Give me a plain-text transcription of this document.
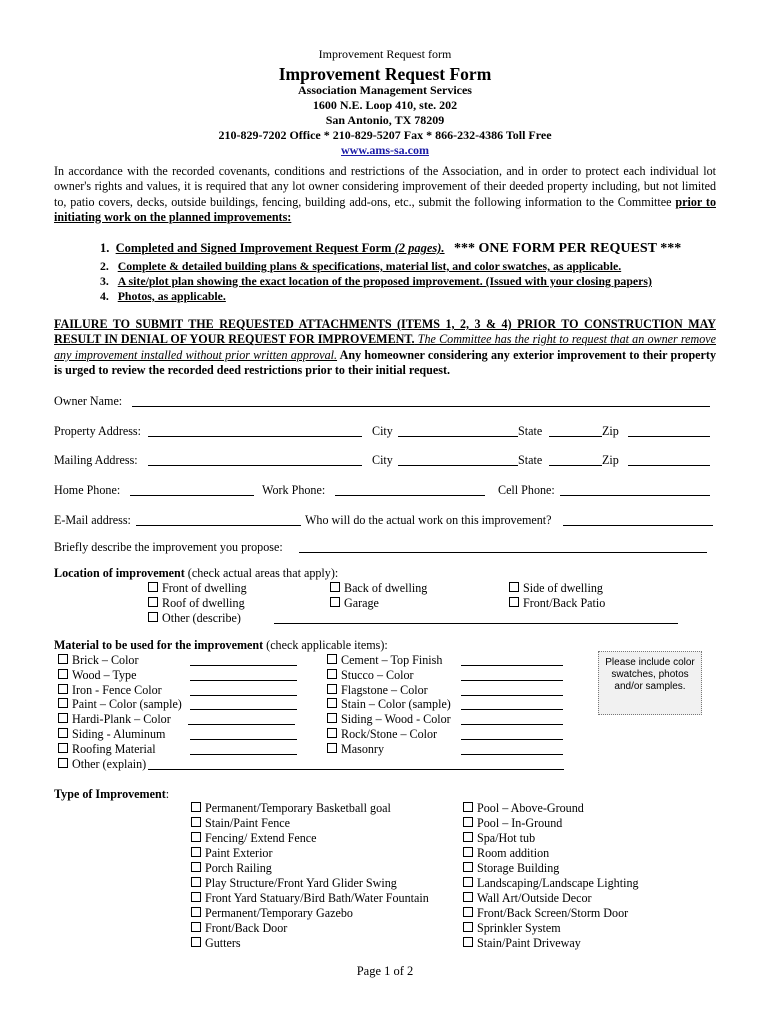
Improvement Request form
Improvement Request Form
Association Management Services
1600 N.E. Loop 410, ste. 202
San Antonio, TX 78209
210-829-7202 Office * 210-829-5207 Fax * 866-232-4386 Toll Free
www.ams-sa.com
In accordance with the recorded covenants, conditions and restrictions of the Association, and in order to protect each individual lot owner's rights and values, it is required that any lot owner considering improvement of their deeded property including, but not limited to, patio covers, decks, outside buildings, fencing, building add-ons, etc., submit the following information to the Committee prior to initiating work on the planned improvements:
1. Completed and Signed Improvement Request Form (2 pages). *** ONE FORM PER REQUEST ***
2. Complete & detailed building plans & specifications, material list, and color swatches, as applicable.
3. A site/plot plan showing the exact location of the proposed improvement. (Issued with your closing papers)
4. Photos, as applicable.
FAILURE TO SUBMIT THE REQUESTED ATTACHMENTS (ITEMS 1, 2, 3 & 4) PRIOR TO CONSTRUCTION MAY RESULT IN DENIAL OF YOUR REQUEST FOR IMPROVEMENT. The Committee has the right to request that an owner remove any improvement installed without prior written approval. Any homeowner considering any exterior improvement to their property is urged to review the recorded deed restrictions prior to their initial request.
Owner Name:
Property Address:	City	State	Zip
Mailing Address:	City	State	Zip
Home Phone:	Work Phone:	Cell Phone:
E-Mail address:	Who will do the actual work on this improvement?
Briefly describe the improvement you propose:
Location of improvement (check actual areas that apply):
Front of dwelling	Back of dwelling	Side of dwelling
Roof of dwelling	Garage	Front/Back Patio
Other (describe)
Material to be used for the improvement (check applicable items):
Brick – Color
Wood – Type
Iron - Fence Color
Paint – Color (sample)
Hardi-Plank – Color
Siding - Aluminum
Roofing Material
Cement – Top Finish
Stucco – Color
Flagstone – Color
Stain – Color (sample)
Siding – Wood - Color
Rock/Stone – Color
Masonry
Other (explain)
Please include color swatches, photos and/or samples.
Type of Improvement:
Permanent/Temporary Basketball goal
Stain/Paint Fence
Fencing/ Extend Fence
Paint Exterior
Porch Railing
Play Structure/Front Yard Glider Swing
Front Yard Statuary/Bird Bath/Water Fountain
Permanent/Temporary Gazebo
Front/Back Door
Gutters
Pool – Above-Ground
Pool – In-Ground
Spa/Hot tub
Room addition
Storage Building
Landscaping/Landscape Lighting
Wall Art/Outside Decor
Front/Back Screen/Storm Door
Sprinkler System
Stain/Paint Driveway
Page 1 of 2
